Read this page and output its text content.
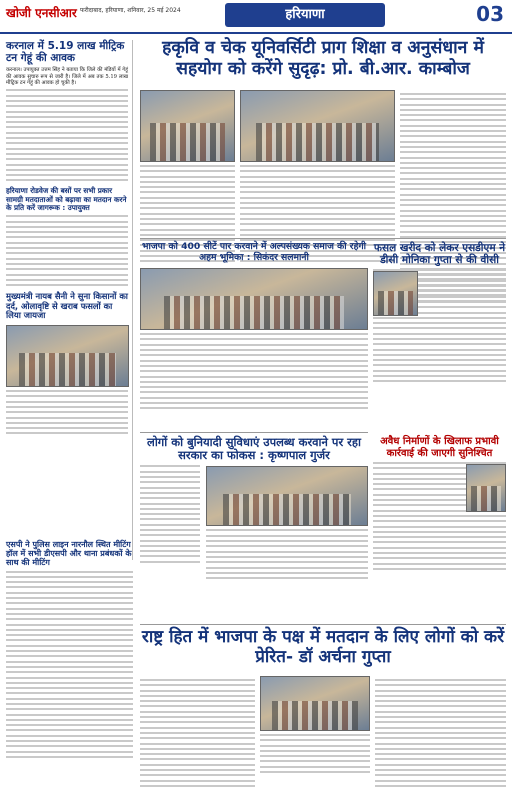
खोजी एनसीआर फरीदाबाद, हरियाणा, शनिवार, 25 मई 2024	हरियाणा	03
करनाल में 5.19 लाख मीट्रिक टन गेहूं की आवक
करनाल। उपायुक्त उत्तम सिंह ने बताया कि जिले की मंडियों में गेहूं की आवक सुचारु रूप से जारी है। जिले में अब तक 5.19 लाख मीट्रिक टन गेहूं की आवक हो चुकी है।
हरियाणा रोडवेज की बसों पर सभी प्रकार सामग्री मतदाताओं को बढ़ावा का मतदान करने के प्रति करें जागरूक : उपायुक्त
मुख्यमंत्री नायब सैनी ने सुना किसानों का दर्द, ओलावृष्टि से खराब फसलों का लिया जायजा
एसपी ने पुलिस लाइन नारनौल स्थित मीटिंग हॉल में सभी डीएसपी और थाना प्रबंधकों के साथ की मीटिंग
हकृवि व चेक यूनिवर्सिटी प्राग शिक्षा व अनुसंधान में सहयोग को करेंगे सुदृढ़: प्रो. बी.आर. काम्बोज
भाजपा को 400 सीटें पार करवाने में अल्पसंख्यक समाज की रहेगी अहम भूमिका : सिकंदर सलमानी
फसल खरीद को लेकर एसडीएम ने डीसी मोनिका गुप्ता से की वीसी
लोगों को बुनियादी सुविधाएं उपलब्ध करवाने पर रहा सरकार का फोकस : कृष्णपाल गुर्जर
अवैध निर्माणों के खिलाफ प्रभावी कार्रवाई की जाएगी सुनिश्चित
राष्ट्र हित में भाजपा के पक्ष में मतदान के लिए लोगों को करें प्रेरित- डॉ अर्चना गुप्ता
